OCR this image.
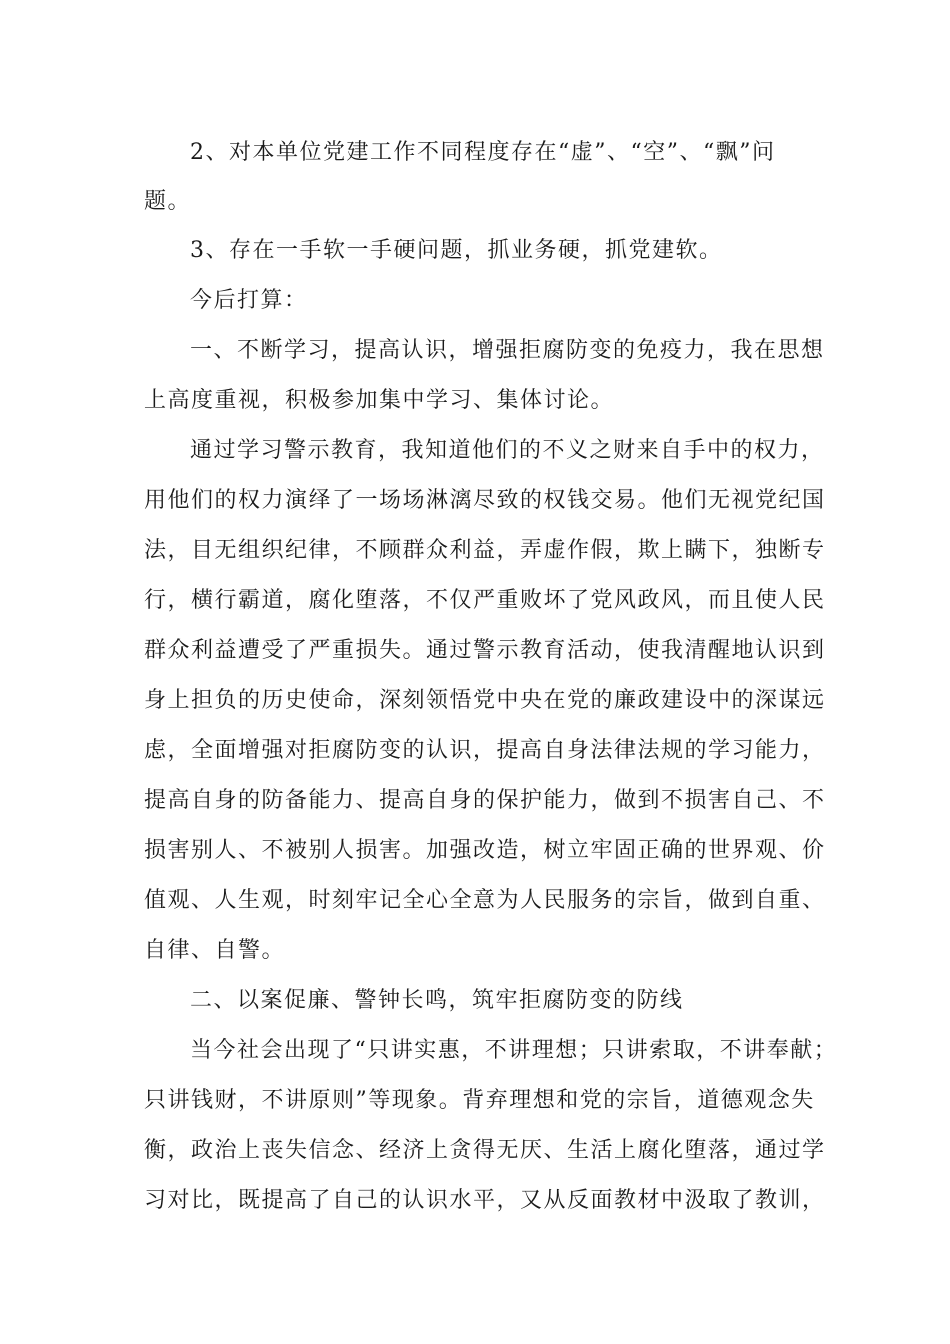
2、对本单位党建工作不同程度存在“虚”、“空”、“飘”问
题。
3、存在一手软一手硬问题，抓业务硬，抓党建软。
今后打算：
一、不断学习，提高认识，增强拒腐防变的免疫力，我在思想
上高度重视，积极参加集中学习、集体讨论。
通过学习警示教育，我知道他们的不义之财来自手中的权力，
用他们的权力演绎了一场场淋漓尽致的权钱交易。他们无视党纪国
法，目无组织纪律，不顾群众利益，弄虚作假，欺上瞒下，独断专
行，横行霸道，腐化堕落，不仅严重败坏了党风政风，而且使人民
群众利益遭受了严重损失。通过警示教育活动，使我清醒地认识到
身上担负的历史使命，深刻领悟党中央在党的廉政建设中的深谋远
虑，全面增强对拒腐防变的认识，提高自身法律法规的学习能力，
提高自身的防备能力、提高自身的保护能力，做到不损害自己、不
损害别人、不被别人损害。加强改造，树立牢固正确的世界观、价
值观、人生观，时刻牢记全心全意为人民服务的宗旨，做到自重、
自律、自警。
二、以案促廉、警钟长鸣，筑牢拒腐防变的防线
当今社会出现了“只讲实惠，不讲理想；只讲索取，不讲奉献；
只讲钱财，不讲原则”等现象。背弃理想和党的宗旨，道德观念失
衡，政治上丧失信念、经济上贪得无厌、生活上腐化堕落，通过学
习对比，既提高了自己的认识水平，又从反面教材中汲取了教训，
